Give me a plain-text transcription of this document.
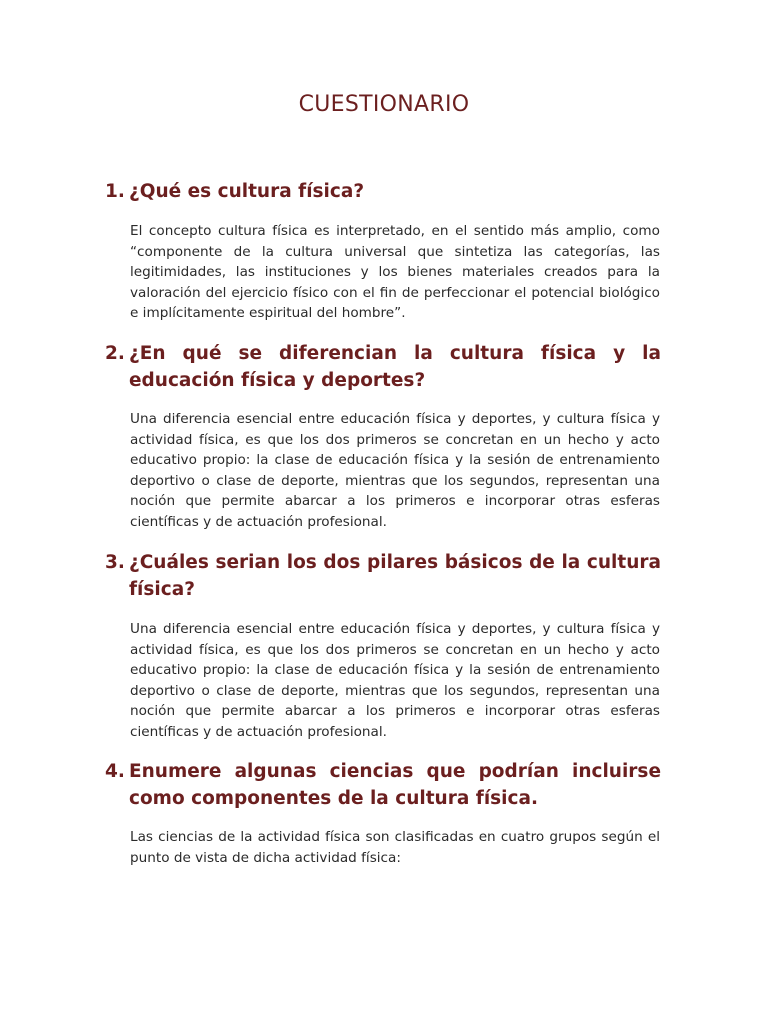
CUESTIONARIO
1. ¿Qué es cultura física?
El concepto cultura física es interpretado, en el sentido más amplio, como “componente de la cultura universal que sintetiza las categorías, las legitimidades, las instituciones y los bienes materiales creados para la valoración del ejercicio físico con el fin de perfeccionar el potencial biológico e implícitamente espiritual del hombre”.
2. ¿En qué se diferencian la cultura física y la educación física y deportes?
Una diferencia esencial entre educación física y deportes, y cultura física y actividad física, es que los dos primeros se concretan en un hecho y acto educativo propio: la clase de educación física y la sesión de entrenamiento deportivo o clase de deporte, mientras que los segundos, representan una noción que permite abarcar a los primeros e incorporar otras esferas científicas y de actuación profesional.
3. ¿Cuáles serian los dos pilares básicos de la cultura física?
Una diferencia esencial entre educación física y deportes, y cultura física y actividad física, es que los dos primeros se concretan en un hecho y acto educativo propio: la clase de educación física y la sesión de entrenamiento deportivo o clase de deporte, mientras que los segundos, representan una noción que permite abarcar a los primeros e incorporar otras esferas científicas y de actuación profesional.
4. Enumere algunas ciencias que podrían incluirse como componentes de la cultura física.
Las ciencias de la actividad física son clasificadas en cuatro grupos según el punto de vista de dicha actividad física:
